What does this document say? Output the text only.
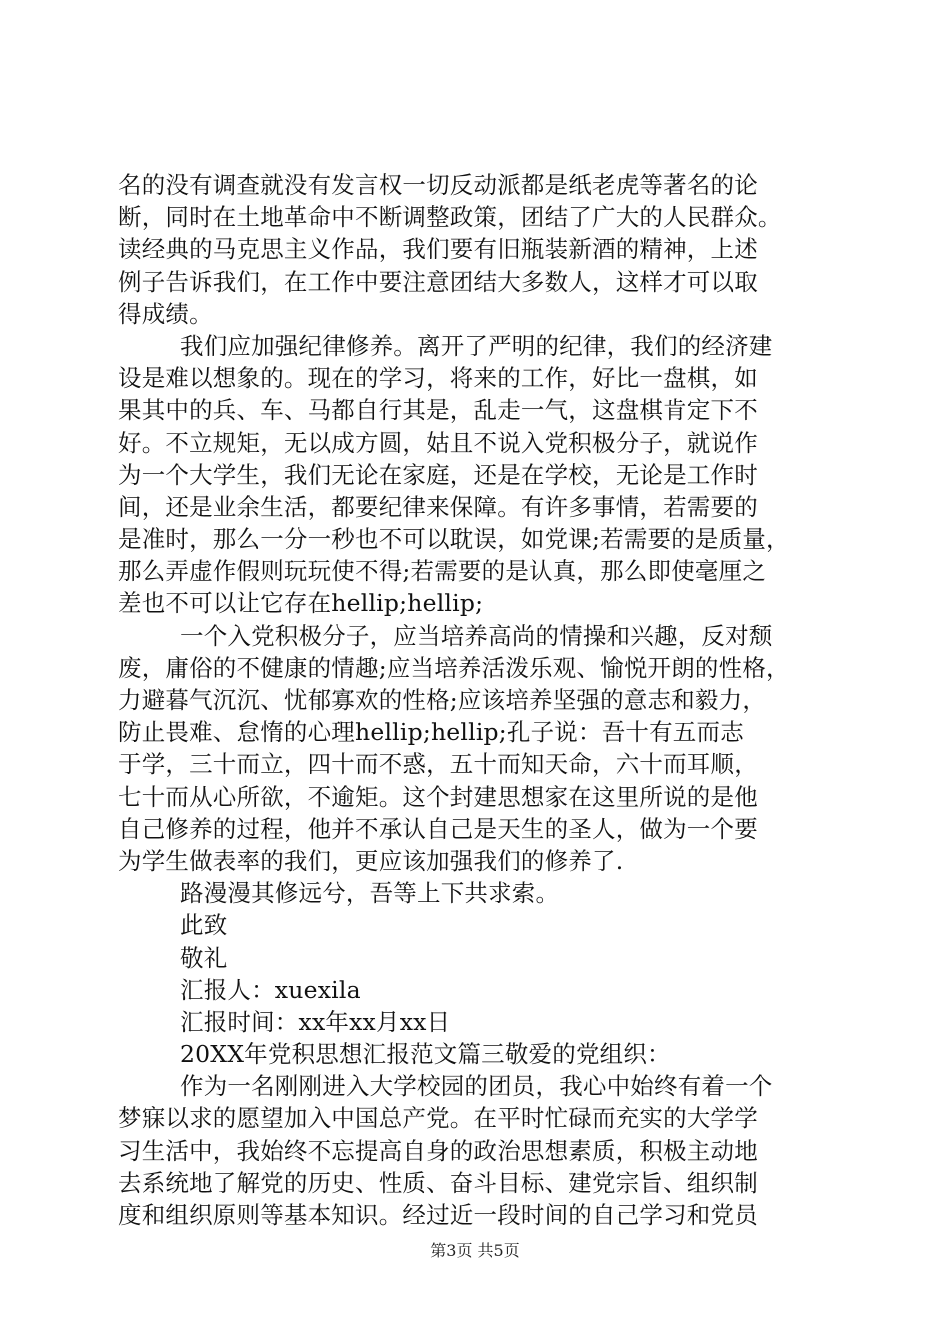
名的没有调查就没有发言权一切反动派都是纸老虎等著名的论
断，同时在土地革命中不断调整政策，团结了广大的人民群众。
读经典的马克思主义作品，我们要有旧瓶装新酒的精神，上述
例子告诉我们，在工作中要注意团结大多数人，这样才可以取
得成绩。
我们应加强纪律修养。离开了严明的纪律，我们的经济建
设是难以想象的。现在的学习，将来的工作，好比一盘棋，如
果其中的兵、车、马都自行其是，乱走一气，这盘棋肯定下不
好。不立规矩，无以成方圆，姑且不说入党积极分子，就说作
为一个大学生，我们无论在家庭，还是在学校，无论是工作时
间，还是业余生活，都要纪律来保障。有许多事情，若需要的
是准时，那么一分一秒也不可以耽误，如党课;若需要的是质量，
那么弄虚作假则玩玩使不得;若需要的是认真，那么即使毫厘之
差也不可以让它存在hellip;hellip;
一个入党积极分子，应当培养高尚的情操和兴趣，反对颓
废，庸俗的不健康的情趣;应当培养活泼乐观、愉悦开朗的性格，
力避暮气沉沉、忧郁寡欢的性格;应该培养坚强的意志和毅力，
防止畏难、怠惰的心理hellip;hellip;孔子说：吾十有五而志
于学，三十而立，四十而不惑，五十而知天命，六十而耳顺，
七十而从心所欲，不逾矩。这个封建思想家在这里所说的是他
自己修养的过程，他并不承认自己是天生的圣人，做为一个要
为学生做表率的我们，更应该加强我们的修养了.
路漫漫其修远兮，吾等上下共求索。
此致
敬礼
汇报人：xuexila
汇报时间：xx年xx月xx日
20XX年党积思想汇报范文篇三敬爱的党组织：
作为一名刚刚进入大学校园的团员，我心中始终有着一个
梦寐以求的愿望加入中国总产党。在平时忙碌而充实的大学学
习生活中，我始终不忘提高自身的政治思想素质，积极主动地
去系统地了解党的历史、性质、奋斗目标、建党宗旨、组织制
度和组织原则等基本知识。经过近一段时间的自己学习和党员
第3页 共5页
